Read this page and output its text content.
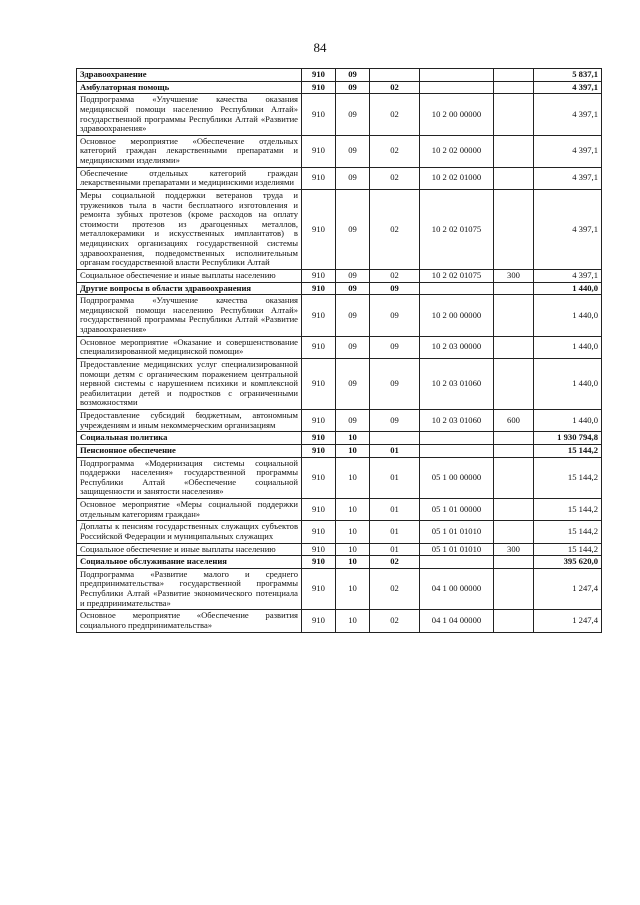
84
Здравоохранение	910	09				5 837,1
Амбулаторная помощь	910	09	02			4 397,1
Подпрограмма «Улучшение качества оказания медицинской помощи населению Республики Алтай» государственной программы Республики Алтай «Развитие здравоохранения»	910	09	02	10 2 00 00000		4 397,1
Основное мероприятие «Обеспечение отдельных категорий граждан лекарственными препаратами и медицинскими изделиями»	910	09	02	10 2 02 00000		4 397,1
Обеспечение отдельных категорий граждан лекарственными препаратами и медицинскими изделиями	910	09	02	10 2 02 01000		4 397,1
Меры социальной поддержки ветеранов труда и тружеников тыла в части бесплатного изготовления и ремонта зубных протезов (кроме расходов на оплату стоимости протезов из драгоценных металлов, металлокерамики и искусственных имплантатов) в медицинских организациях государственной системы здравоохранения, подведомственных исполнительным органам государственной власти Республики Алтай	910	09	02	10 2 02 01075		4 397,1
Социальное обеспечение и иные выплаты населению	910	09	02	10 2 02 01075	300	4 397,1
Другие вопросы в области здравоохранения	910	09	09			1 440,0
Подпрограмма «Улучшение качества оказания медицинской помощи населению Республики Алтай» государственной программы Республики Алтай «Развитие здравоохранения»	910	09	09	10 2 00 00000		1 440,0
Основное мероприятие «Оказание и совершенствование специализированной медицинской помощи»	910	09	09	10 2 03 00000		1 440,0
Предоставление медицинских услуг специализированной помощи детям с органическим поражением центральной нервной системы с нарушением психики и комплексной реабилитации детей и подростков с ограниченными возможностями	910	09	09	10 2 03 01060		1 440,0
Предоставление субсидий бюджетным, автономным учреждениям и иным некоммерческим организациям	910	09	09	10 2 03 01060	600	1 440,0
Социальная политика	910	10				1 930 794,8
Пенсионное обеспечение	910	10	01			15 144,2
Подпрограмма «Модернизация системы социальной поддержки населения» государственной программы Республики Алтай «Обеспечение социальной защищенности и занятости населения»	910	10	01	05 1 00 00000		15 144,2
Основное мероприятие «Меры социальной поддержки отдельным категориям граждан»	910	10	01	05 1 01 00000		15 144,2
Доплаты к пенсиям государственных служащих субъектов Российской Федерации и муниципальных служащих	910	10	01	05 1 01 01010		15 144,2
Социальное обеспечение и иные выплаты населению	910	10	01	05 1 01 01010	300	15 144,2
Социальное обслуживание населения	910	10	02			395 620,0
Подпрограмма «Развитие малого и среднего предпринимательства» государственной программы Республики Алтай «Развитие экономического потенциала и предпринимательства»	910	10	02	04 1 00 00000		1 247,4
Основное мероприятие «Обеспечение развития социального предпринимательства»	910	10	02	04 1 04 00000		1 247,4
